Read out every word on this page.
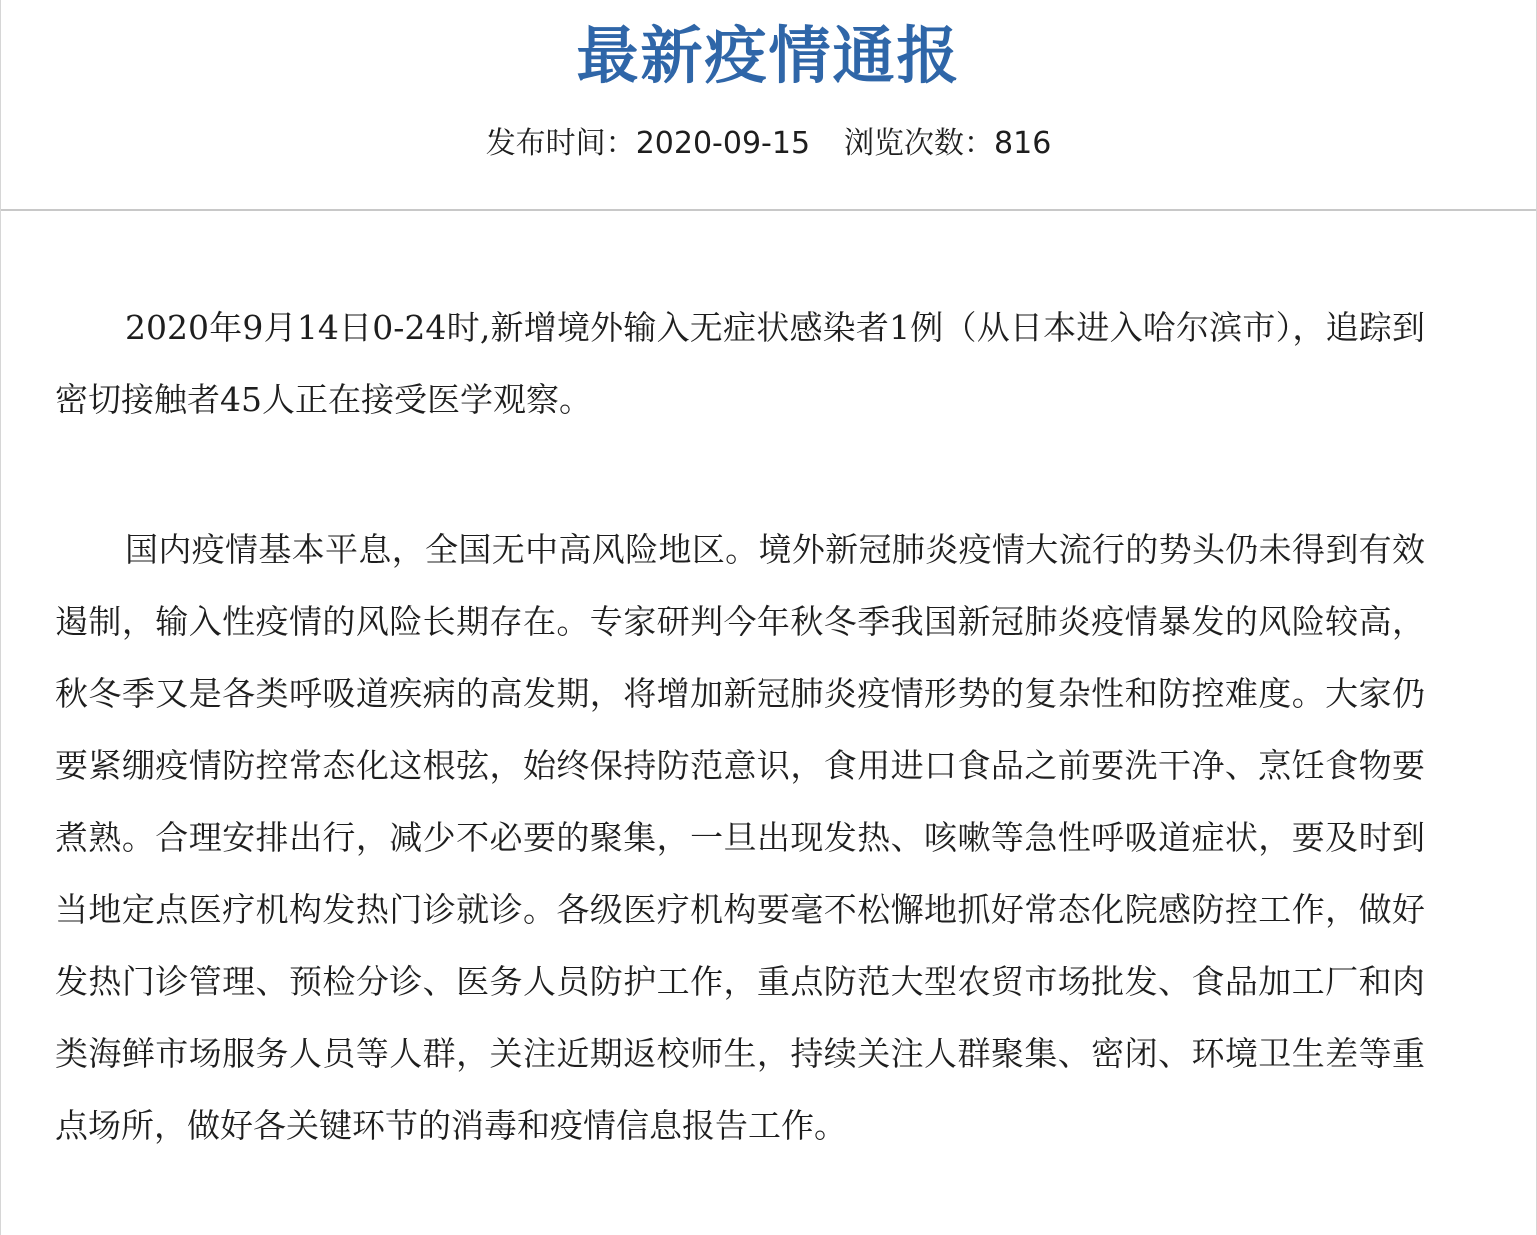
最新疫情通报
发布时间：2020-09-15 浏览次数：816

2020年9月14日0-24时,新增境外输入无症状感染者1例（从日本进入哈尔滨市），追踪到密切接触者45人正在接受医学观察。

国内疫情基本平息，全国无中高风险地区。境外新冠肺炎疫情大流行的势头仍未得到有效遏制，输入性疫情的风险长期存在。专家研判今年秋冬季我国新冠肺炎疫情暴发的风险较高，秋冬季又是各类呼吸道疾病的高发期，将增加新冠肺炎疫情形势的复杂性和防控难度。大家仍要紧绷疫情防控常态化这根弦，始终保持防范意识，食用进口食品之前要洗干净、烹饪食物要煮熟。合理安排出行，减少不必要的聚集，一旦出现发热、咳嗽等急性呼吸道症状，要及时到当地定点医疗机构发热门诊就诊。各级医疗机构要毫不松懈地抓好常态化院感防控工作，做好发热门诊管理、预检分诊、医务人员防护工作，重点防范大型农贸市场批发、食品加工厂和肉类海鲜市场服务人员等人群，关注近期返校师生，持续关注人群聚集、密闭、环境卫生差等重点场所，做好各关键环节的消毒和疫情信息报告工作。
